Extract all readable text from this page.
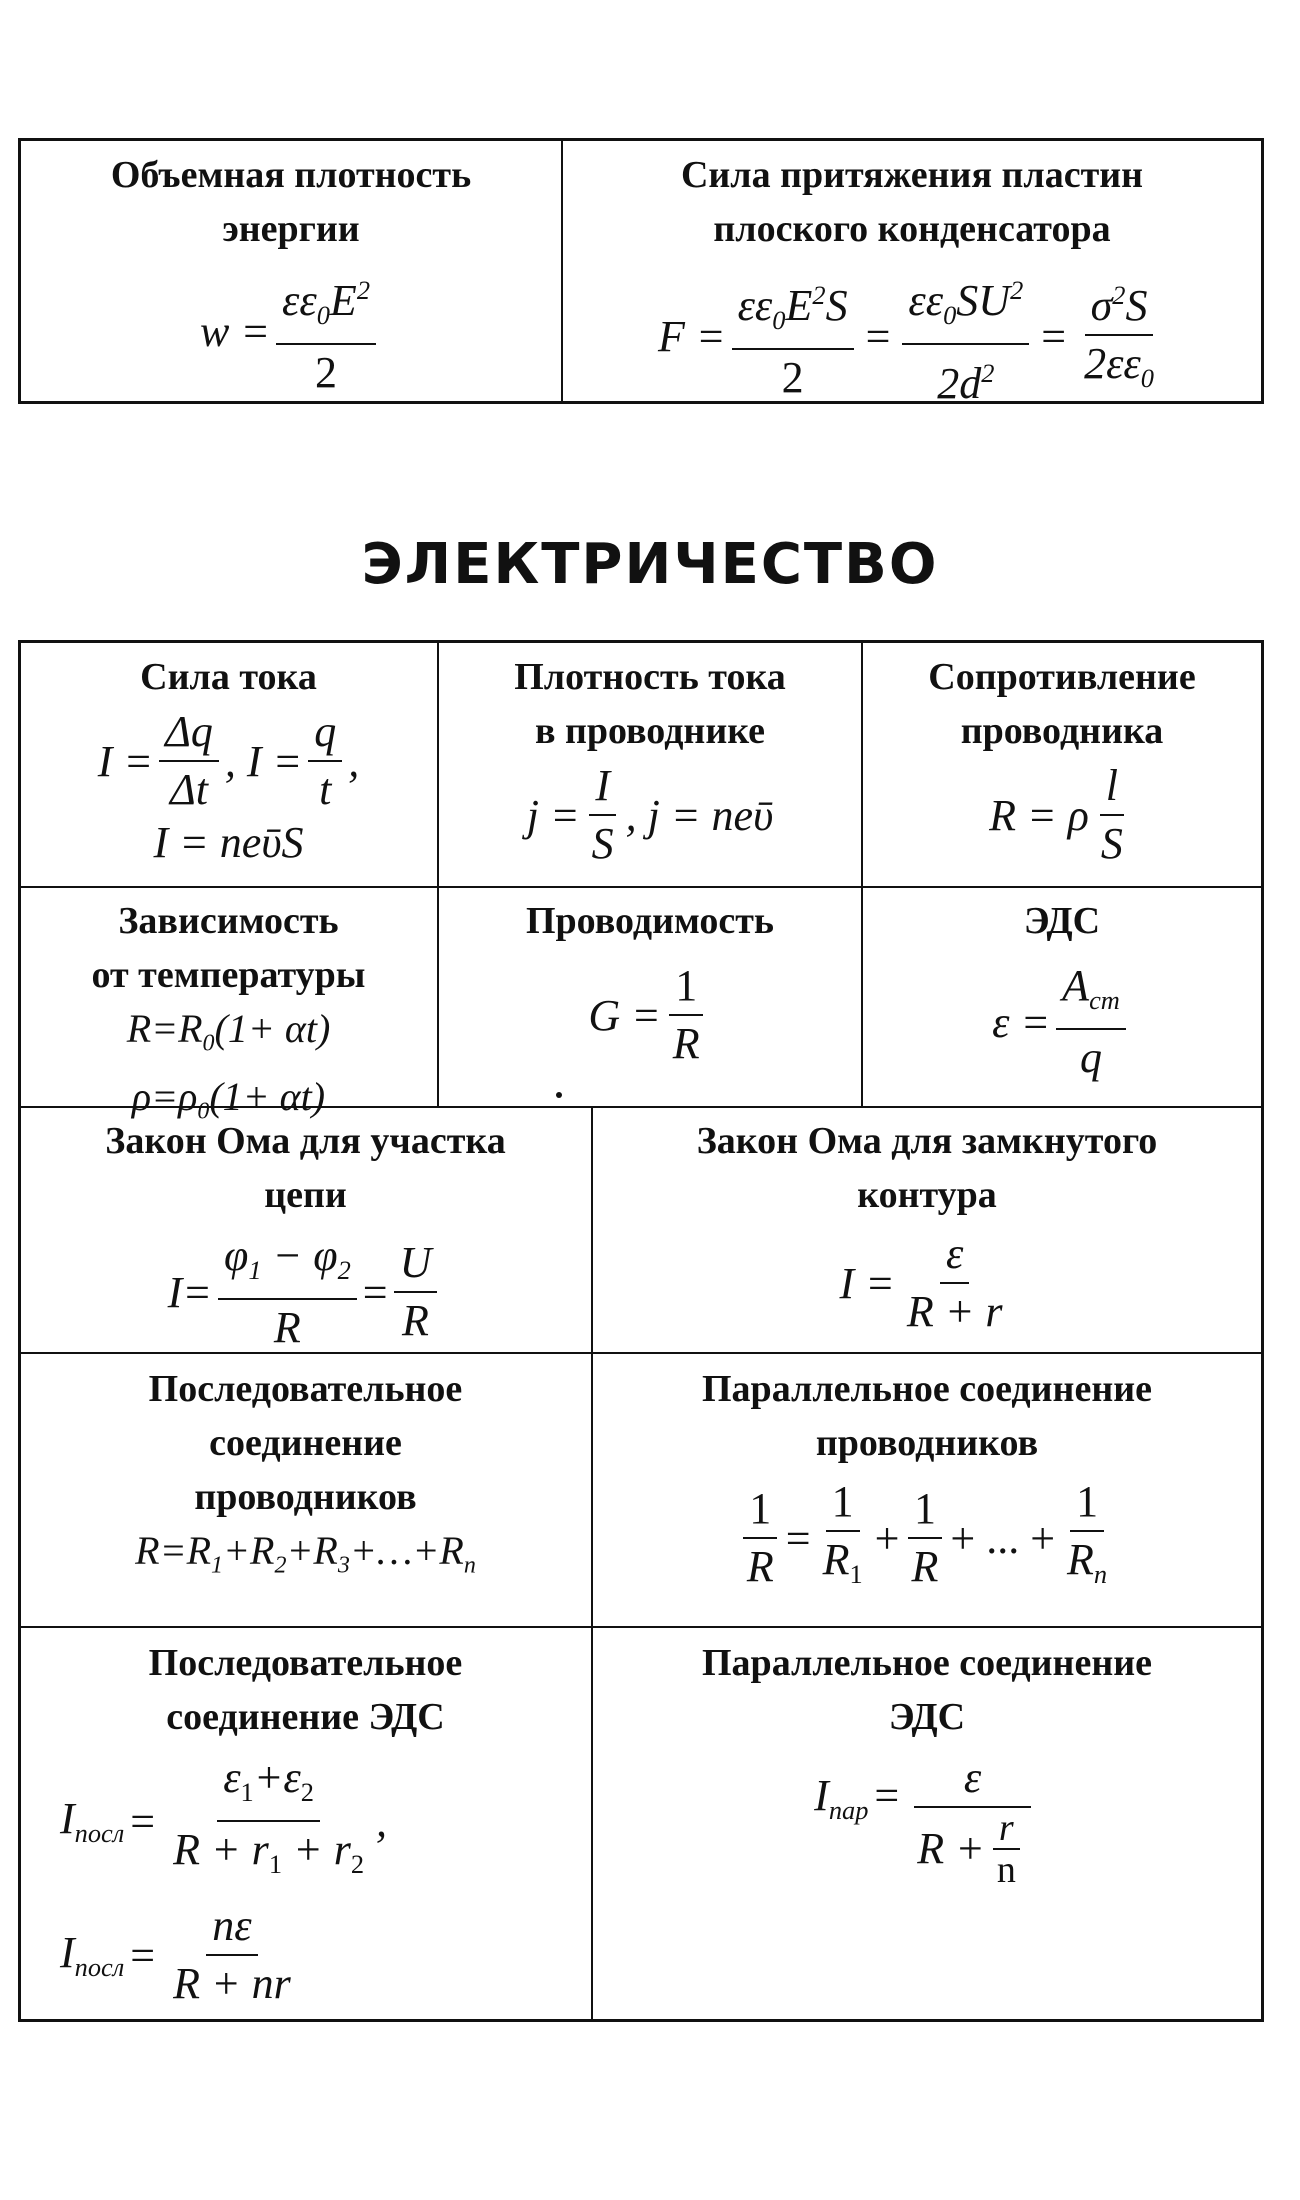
Объемная плотность
энергии
$w = \frac{\varepsilon\varepsilon_0E^2}{2}$
Сила притяжения пластин
плоского конденсатора
$F = \frac{\varepsilon\varepsilon_0E^2S}{2} = \frac{\varepsilon\varepsilon_0SU^2}{2d^2} = \frac{\sigma^2S}{2\varepsilon\varepsilon_0}$
ЭЛЕКТРИЧЕСТВО
Сила тока
$I = \frac{\Delta q}{\Delta t}$ , $I = \frac{q}{t}$ ,
I = neῡS
Плотность тока
в проводнике
$j = \frac{I}{S}$ , j = neῡ
Сопротивление
проводника
R = ρ
l
S
Зависимость
от температуры
$R=R_0(1+ \alpha t)$
$\rho=\rho_0(1+ \alpha t)$
Проводимость
$G = \frac{1}{R}$
ЭДС
ε =
$A_{ст}$
q
Закон Ома для участка
цепи
$I= \frac{\varphi_1 - \varphi_2}{R} = \frac{U}{R}$
Закон Ома для замкнутого
контура
$I = \frac{\varepsilon}{R + r}$
Последовательное
соединение
проводников
$R=R_1+R_2+R_3+\dots+R_n$
Параллельное соединение
проводников
$\frac{1}{R} = \frac{1}{R_1} + \frac{1}{R}$ + ... + $\frac{1}{R_n}$
Последовательное
соединение ЭДС
$I_{посл} = \frac{\varepsilon_1+\varepsilon_2}{R + r_1 + r_2}$ ,
$I_{посл} = \frac{n\varepsilon}{R + nr}$
Параллельное соединение
ЭДС
$I_{пар} = \frac{\varepsilon}{R + \frac{r}{n}}$
